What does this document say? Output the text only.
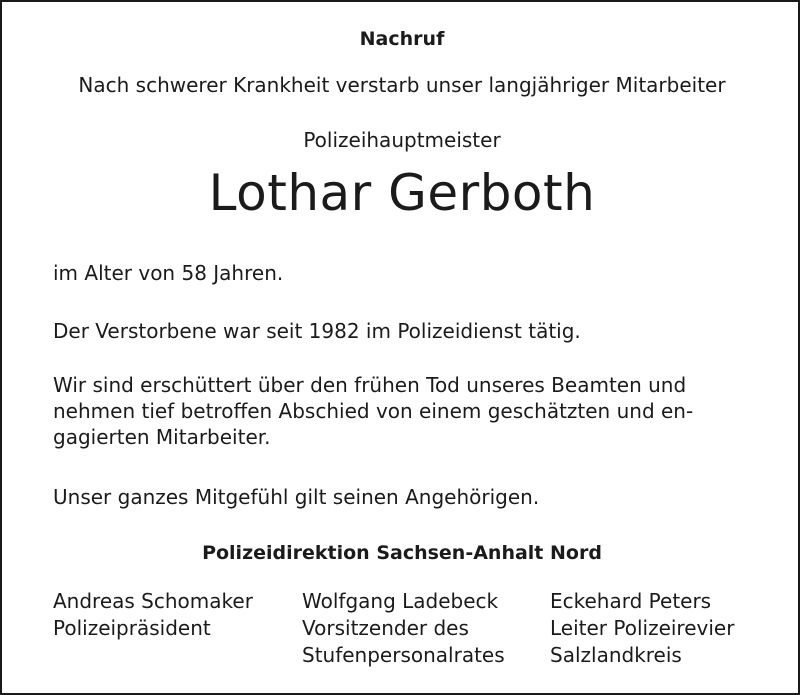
Nachruf
Nach schwerer Krankheit verstarb unser langjähriger Mitarbeiter
Polizeihauptmeister
Lothar Gerboth
im Alter von 58 Jahren.
Der Verstorbene war seit 1982 im Polizeidienst tätig.
Wir sind erschüttert über den frühen Tod unseres Beamten und
nehmen tief betroffen Abschied von einem geschätzten und en-
gagierten Mitarbeiter.
Unser ganzes Mitgefühl gilt seinen Angehörigen.
Polizeidirektion Sachsen-Anhalt Nord
Andreas Schomaker
Polizeipräsident
Wolfgang Ladebeck
Vorsitzender des
Stufenpersonalrates
Eckehard Peters
Leiter Polizeirevier
Salzlandkreis
